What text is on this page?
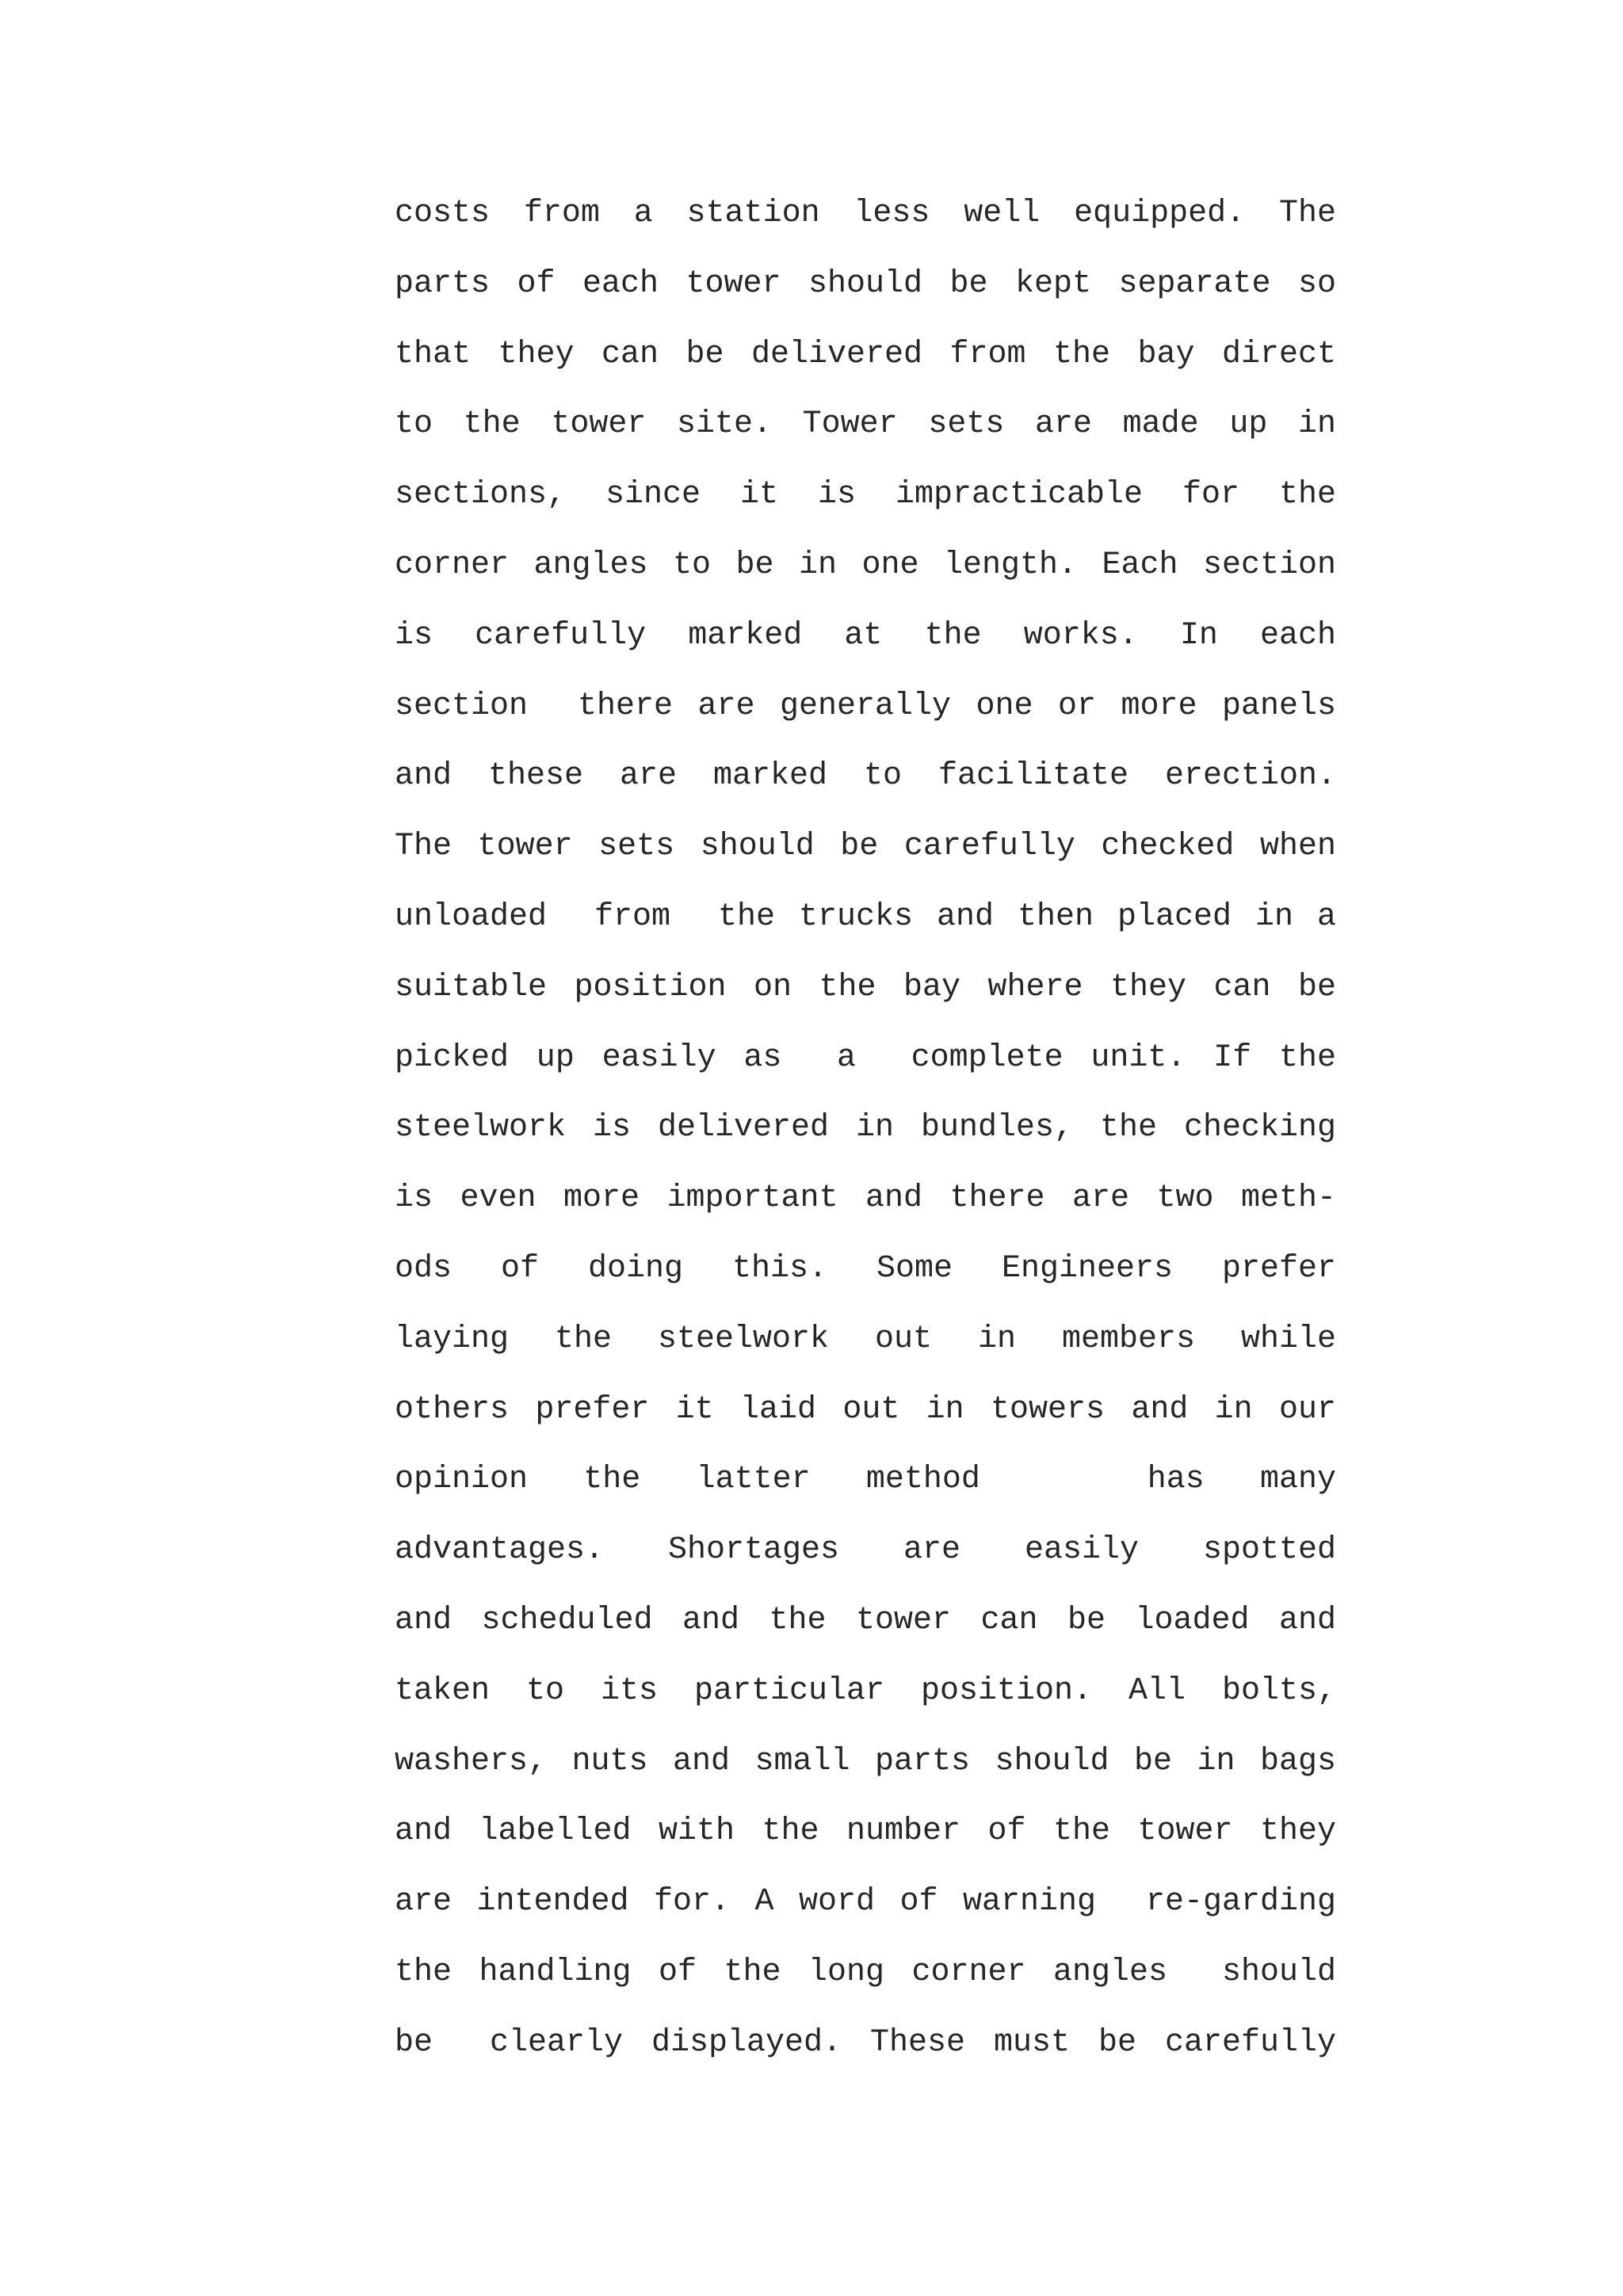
costs from a station less well equipped. The
parts of each tower should be kept separate so
that they can be delivered from the bay direct
to the tower site. Tower sets are made up in
sections, since it is impracticable for the
corner angles to be in one length. Each section
is carefully marked at the works. In each
section  there are generally one or more panels
and these are marked to facilitate erection.
The tower sets should be carefully checked when
unloaded  from  the trucks and then placed in a
suitable position on the bay where they can be
picked up easily as  a  complete unit. If the
steelwork is delivered in bundles, the checking
is even more important and there are two meth-
ods of doing this. Some Engineers prefer
laying the steelwork out in members while
others prefer it laid out in towers and in our
opinion the latter method   has many
advantages. Shortages are easily spotted
and scheduled and the tower can be loaded and
taken to its particular position. All bolts,
washers, nuts and small parts should be in bags
and labelled with the number of the tower they
are intended for. A word of warning  re-garding
the handling of the long corner angles  should
be  clearly displayed. These must be carefully
